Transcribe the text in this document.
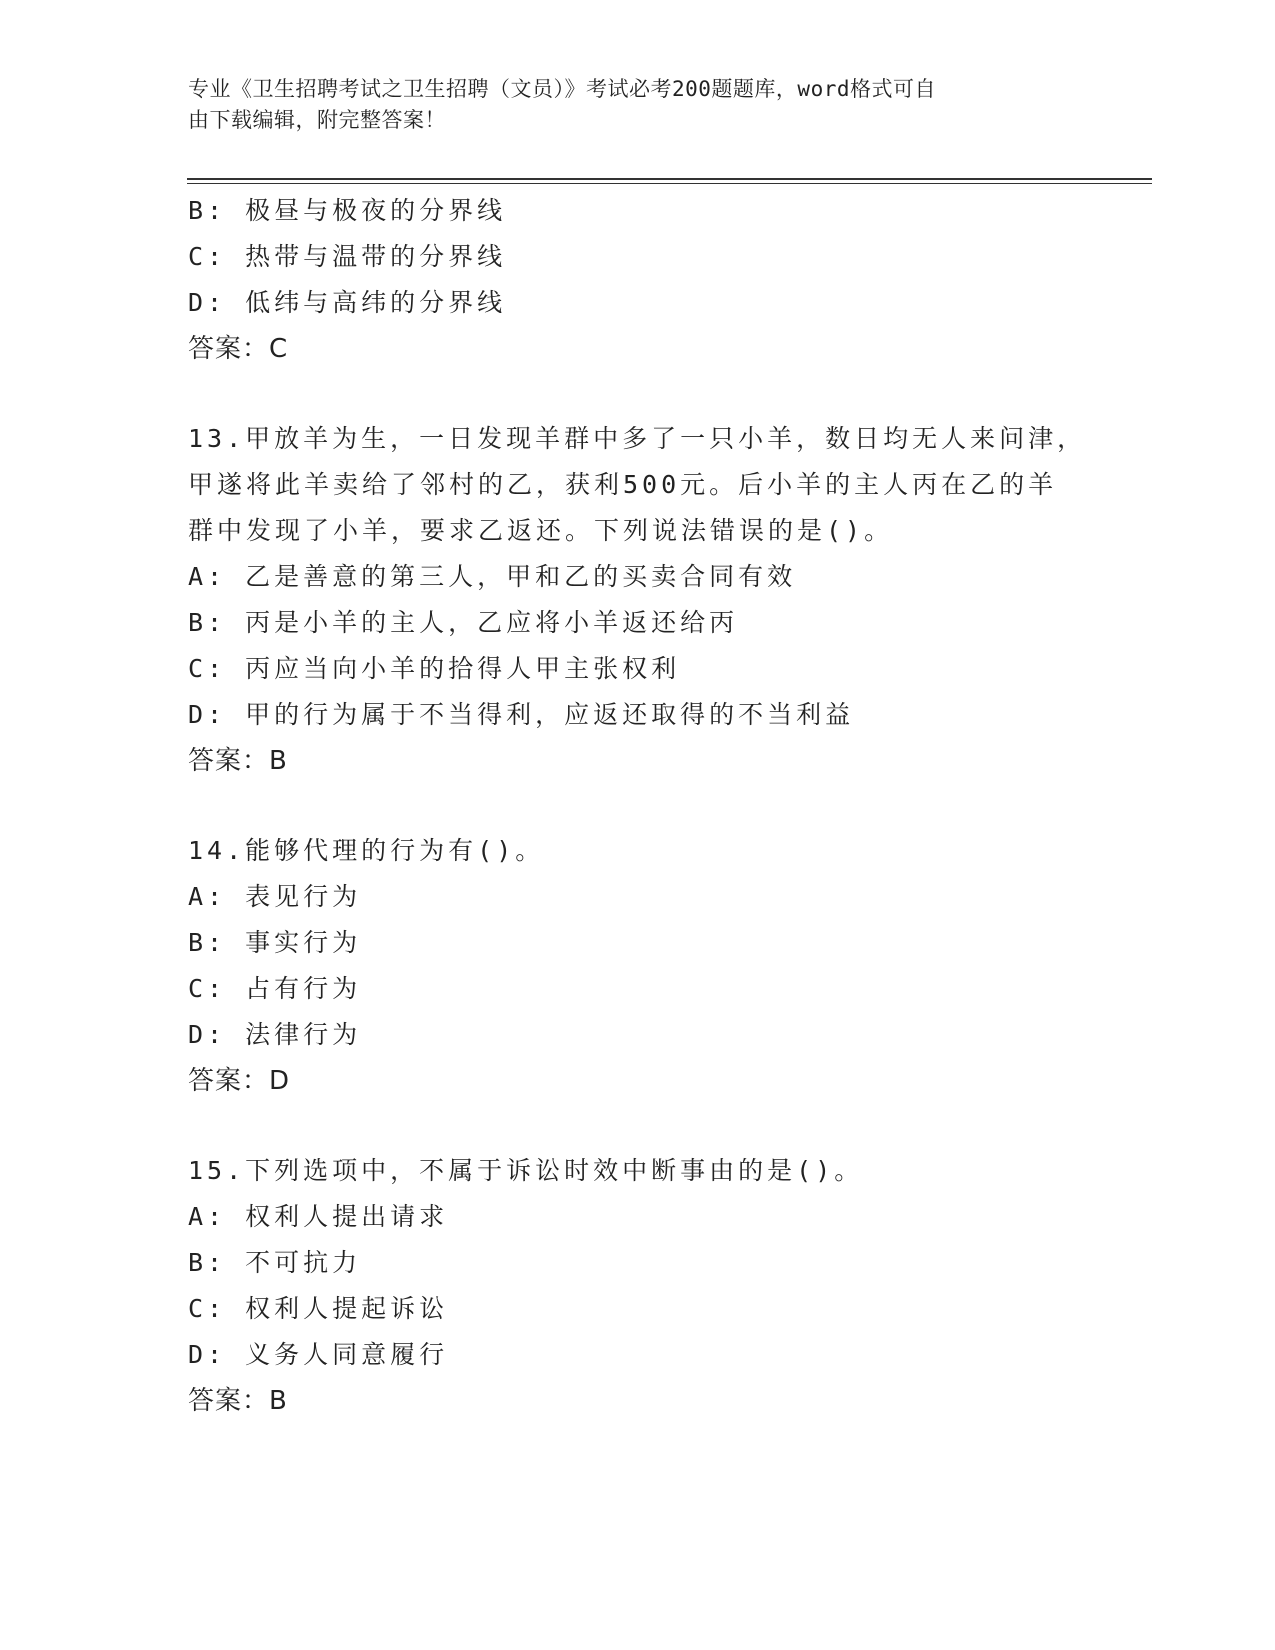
专业《卫生招聘考试之卫生招聘（文员）》考试必考200题题库，word格式可自
由下载编辑，附完整答案！
B: 极昼与极夜的分界线
C: 热带与温带的分界线
D: 低纬与高纬的分界线
答案：C
13.甲放羊为生，一日发现羊群中多了一只小羊，数日均无人来问津，
甲遂将此羊卖给了邻村的乙，获利500元。后小羊的主人丙在乙的羊
群中发现了小羊，要求乙返还。下列说法错误的是()。
A: 乙是善意的第三人，甲和乙的买卖合同有效
B: 丙是小羊的主人，乙应将小羊返还给丙
C: 丙应当向小羊的拾得人甲主张权利
D: 甲的行为属于不当得利，应返还取得的不当利益
答案：B
14.能够代理的行为有()。
A: 表见行为
B: 事实行为
C: 占有行为
D: 法律行为
答案：D
15.下列选项中，不属于诉讼时效中断事由的是()。
A: 权利人提出请求
B: 不可抗力
C: 权利人提起诉讼
D: 义务人同意履行
答案：B
